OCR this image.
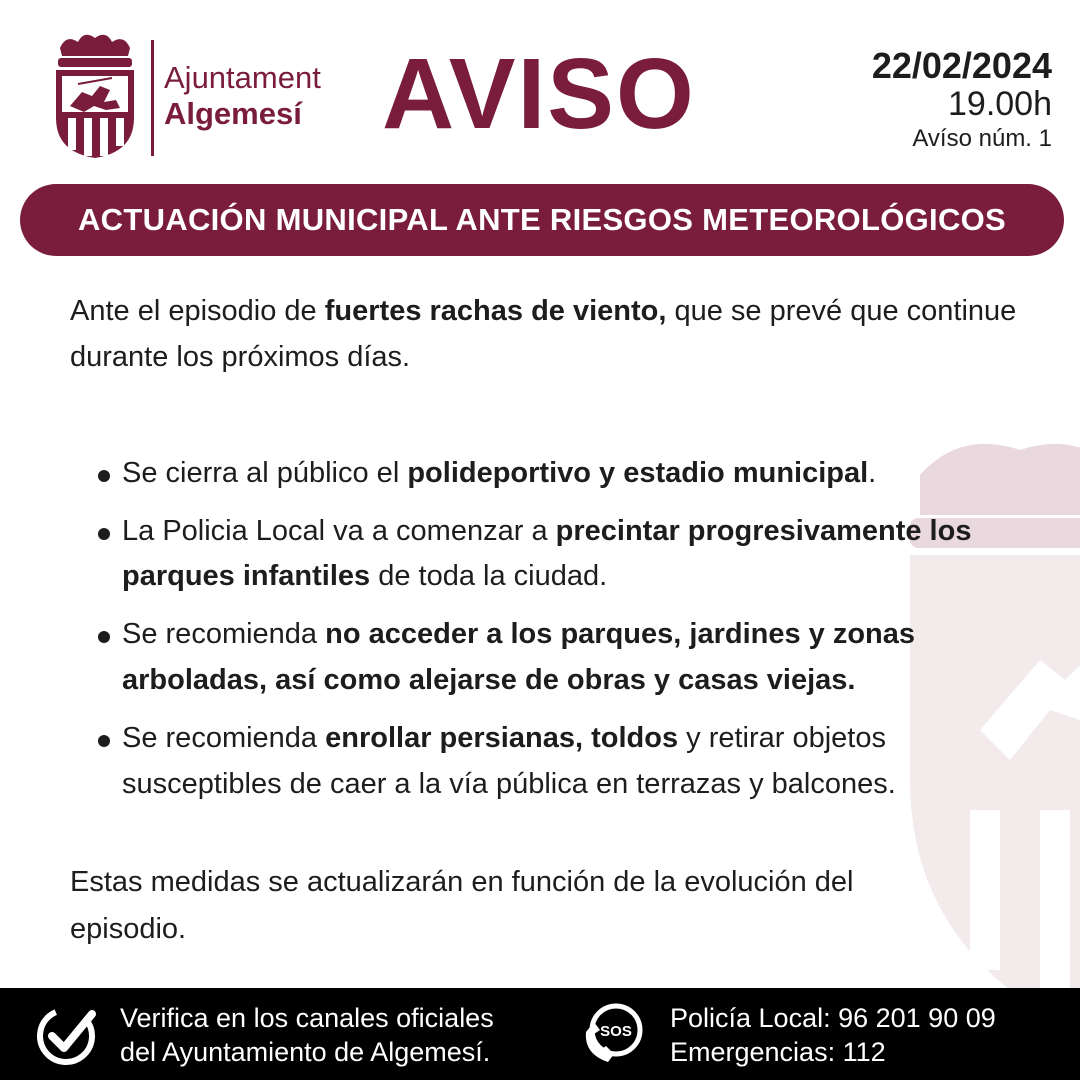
Ajuntament
Algemesí AVISO	22/02/2024
19.00h
Avíso núm. 1
ACTUACIÓN MUNICIPAL ANTE RIESGOS METEOROLÓGICOS

Ante el episodio de fuertes rachas de viento, que se prevé que continue durante los próximos días.

Se cierra al público el polideportivo y estadio municipal.
La Policia Local va a comenzar a precintar progresivamente los parques infantiles de toda la ciudad.
Se recomienda no acceder a los parques, jardines y zonas arboladas, así como alejarse de obras y casas viejas.
Se recomienda enrollar persianas, toldos y retirar objetos susceptibles de caer a la vía pública en terrazas y balcones.

Estas medidas se actualizarán en función de la evolución del episodio.

Verifica en los canales oficiales
del Ayuntamiento de Algemesí.
SOS Policía Local: 96 201 90 09
Emergencias: 112
